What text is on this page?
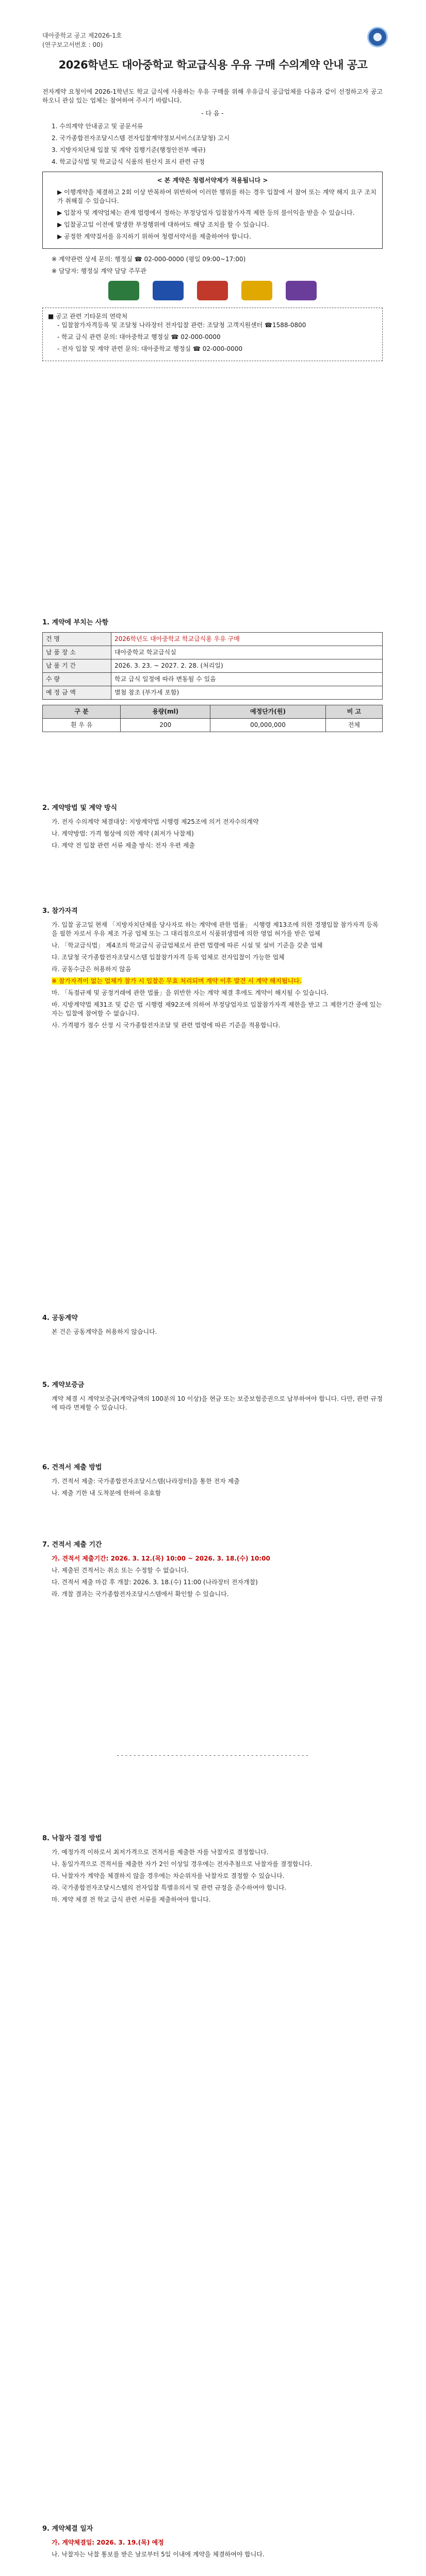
대아중학교 공고 제2026-1호
(연구보고서번호 : 00)
2026학년도 대아중학교 학교급식용 우유 구매 수의계약 안내 공고

전자계약 요청이에 2026-1학년도 학교 급식에 사용하는 우유 구매를 위해 우유급식 공급업체를 다음과 같이 선정하고자 공고하오니 관심 있는 업체는 참여하여 주시기 바랍니다.

- 다 음 -

1. 수의계약 안내공고 및 공문서류
2. 국가종합전자조달시스템 전자입찰계약정보서비스(조달청) 고시
3. 지방자치단체 입찰 및 계약 집행기준(행정안전부 예규)
4. 학교급식법 및 학교급식 식품의 원산지 표시 관련 규정
< 본 계약은 청렴서약제가 적용됩니다 >
▶ 이행계약을 체결하고 2회 이상 반복하여 위반하여 이러한 행위를 하는 경우 입찰에 서 참여 또는 계약 해지 요구 조치가 취해질 수 있습니다.
▶ 입찰자 및 계약업체는 관계 법령에서 정하는 부정당업자 입찰참가자격 제한 등의 불이익을 받을 수 있습니다.
▶ 입찰공고일 이전에 발생한 부정행위에 대하여도 해당 조치를 할 수 있습니다.
▶ 공정한 계약질서를 유지하기 위하여 청렴서약서를 제출하여야 합니다.
※ 계약관련 상세 문의: 행정실 ☎ 02-000-0000 (평일 09:00~17:00)
※ 담당자: 행정실 계약 담당 주무관
■ 공고 관련 기타문의 연락처
- 입찰참가자격등록 및 조달청 나라장터 전자입찰 관련: 조달청 고객지원센터 ☎1588-0800
- 학교 급식 관련 문의: 대아중학교 행정실 ☎ 02-000-0000
- 전자 입찰 및 계약 관련 문의: 대아중학교 행정실 ☎ 02-000-0000

1. 계약에 부치는 사항

건 명	2026학년도 대아중학교 학교급식용 우유 구매
납 품 장 소	대아중학교 학교급식실
납 품 기 간	2026. 3. 23. ~ 2027. 2. 28. (처리일)
수 량	학교 급식 일정에 따라 변동될 수 있음
예 정 금 액	별첨 참조 (부가세 포함)
구 분	용량(ml)	예정단가(원)	비 고
흰 우 유	200	00,000,000	전체

2. 계약방법 및 계약 방식

가. 전자 수의계약 체결대상: 지방계약법 시행령 제25조에 의거 전자수의계약
나. 계약방법: 가격 협상에 의한 계약 (최저가 낙찰제)
다. 계약 전 입찰 관련 서류 제출 방식: 전자 우편 제출

3. 참가자격

가. 입찰 공고일 현재 「지방자치단체를 당사자로 하는 계약에 관한 법률」 시행령 제13조에 의한 경쟁입찰 참가자격 등록을 필한 자로서 우유 제조 가공 업체 또는 그 대리점으로서 식품위생법에 의한 영업 허가를 받은 업체
나. 「학교급식법」 제4조의 학교급식 공급업체로서 관련 법령에 따른 시설 및 설비 기준을 갖춘 업체
다. 조달청 국가종합전자조달시스템 입찰참가자격 등록 업체로 전자입찰이 가능한 업체
라. 공동수급은 허용하지 않음
※ 참가자격이 없는 업체가 참가 시 입찰은 무효 처리되며 계약 이후 발견 시 계약 해지됩니다.
마. 「독점규제 및 공정거래에 관한 법률」을 위반한 자는 계약 체결 후에도 계약이 해지될 수 있습니다.
바. 지방계약법 제31조 및 같은 법 시행령 제92조에 의하여 부정당업자로 입찰참가자격 제한을 받고 그 제한기간 중에 있는 자는 입찰에 참여할 수 없습니다.
사. 가격평가 점수 산정 시 국가종합전자조달 및 관련 법령에 따른 기준을 적용합니다.

4. 공동계약

본 건은 공동계약을 허용하지 않습니다.

5. 계약보증금

계약 체결 시 계약보증금(계약금액의 100분의 10 이상)을 현금 또는 보증보험증권으로 납부하여야 합니다. 다만, 관련 규정에 따라 면제할 수 있습니다.

6. 견적서 제출 방법

가. 견적서 제출: 국가종합전자조달시스템(나라장터)을 통한 전자 제출
나. 제출 기한 내 도착분에 한하여 유효함

7. 견적서 제출 기간

가. 견적서 제출기간: 2026. 3. 12.(목) 10:00 ~ 2026. 3. 18.(수) 10:00
나. 제출된 견적서는 취소 또는 수정할 수 없습니다.
다. 견적서 제출 마감 후 개찰: 2026. 3. 18.(수) 11:00 (나라장터 전자개찰)
라. 개찰 결과는 국가종합전자조달시스템에서 확인할 수 있습니다.
- - - - - - - - - - - - - - - - - - - - - - - - - - - - - - - - - - - - - - - - - - - - - -

8. 낙찰자 결정 방법

가. 예정가격 이하로서 최저가격으로 견적서를 제출한 자를 낙찰자로 결정합니다.
나. 동일가격으로 견적서를 제출한 자가 2인 이상일 경우에는 전자추첨으로 낙찰자를 결정합니다.
다. 낙찰자가 계약을 체결하지 않을 경우에는 차순위자를 낙찰자로 결정할 수 있습니다.
라. 국가종합전자조달시스템의 전자입찰 특별유의서 및 관련 규정을 준수하여야 합니다.
마. 계약 체결 전 학교 급식 관련 서류를 제출하여야 합니다.

9. 계약체결 일자

가. 계약체결일: 2026. 3. 19.(목) 예정
나. 낙찰자는 낙찰 통보를 받은 날로부터 5일 이내에 계약을 체결하여야 합니다.
